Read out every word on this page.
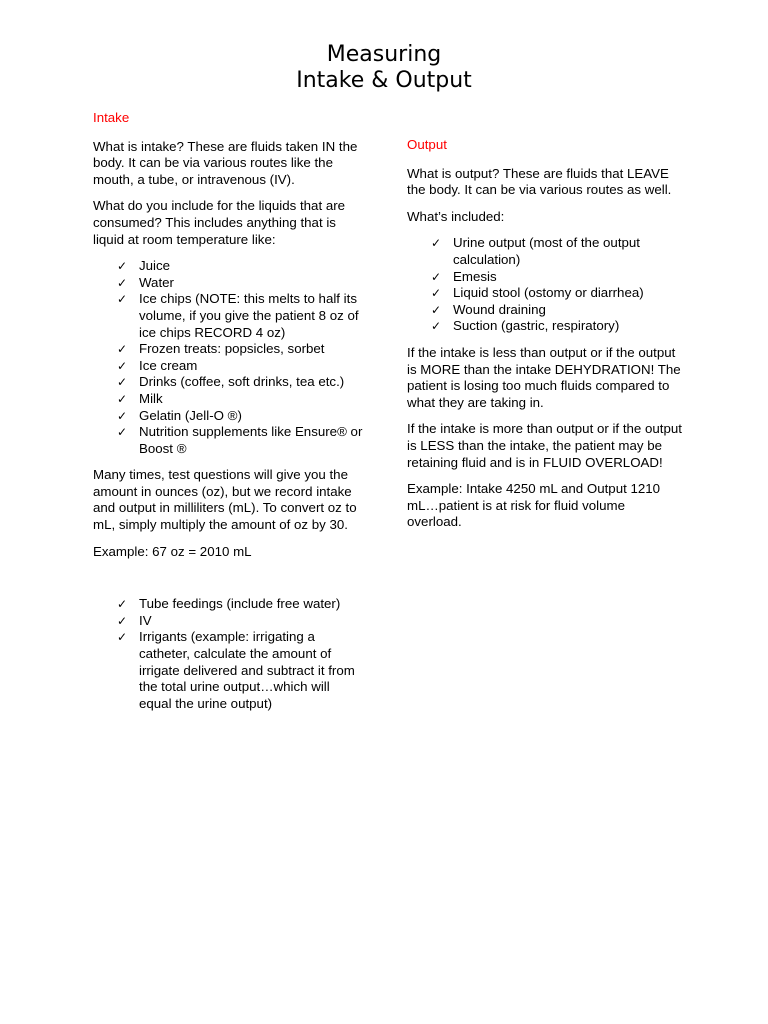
Measuring
Intake & Output
Intake

What is intake? These are fluids taken IN the body. It can be via various routes like the mouth, a tube, or intravenous (IV).

What do you include for the liquids that are consumed? This includes anything that is liquid at room temperature like:

✓ Juice
✓ Water
✓ Ice chips (NOTE: this melts to half its volume, if you give the patient 8 oz of ice chips RECORD 4 oz)
✓ Frozen treats: popsicles, sorbet
✓ Ice cream
✓ Drinks (coffee, soft drinks, tea etc.)
✓ Milk
✓ Gelatin (Jell-O ®)
✓ Nutrition supplements like Ensure® or Boost ®

Many times, test questions will give you the amount in ounces (oz), but we record intake and output in milliliters (mL). To convert oz to mL, simply multiply the amount of oz by 30.

Example: 67 oz = 2010 mL

✓ Tube feedings (include free water)
✓ IV
✓ Irrigants (example: irrigating a catheter, calculate the amount of irrigate delivered and subtract it from the total urine output…which will equal the urine output)
Output

What is output? These are fluids that LEAVE the body. It can be via various routes as well.

What’s included:

✓ Urine output (most of the output calculation)
✓ Emesis
✓ Liquid stool (ostomy or diarrhea)
✓ Wound draining
✓ Suction (gastric, respiratory)

If the intake is less than output or if the output is MORE than the intake DEHYDRATION! The patient is losing too much fluids compared to what they are taking in.

If the intake is more than output or if the output is LESS than the intake, the patient may be retaining fluid and is in FLUID OVERLOAD!

Example: Intake 4250 mL and Output 1210 mL…patient is at risk for fluid volume overload.
